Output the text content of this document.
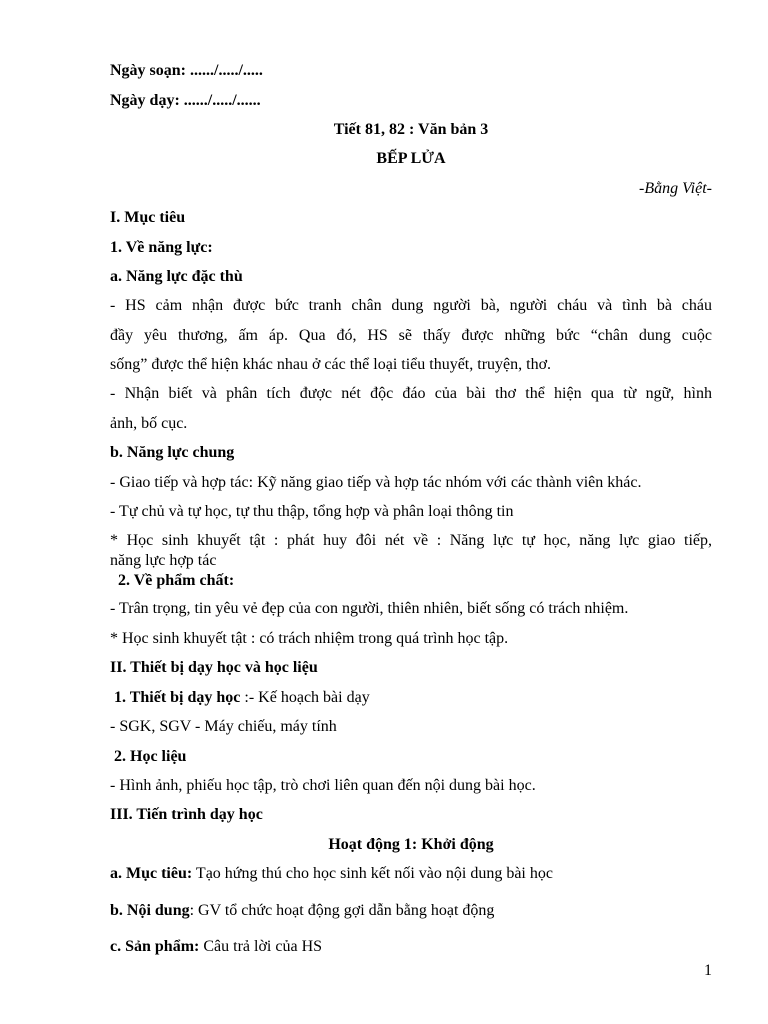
Ngày soạn: ....../...../.....
Ngày dạy: ....../...../......
Tiết 81, 82 : Văn bản 3
BẾP LỬA
-Bằng Việt-
I. Mục tiêu
1. Về năng lực:
a. Năng lực đặc thù
- HS cảm nhận được bức tranh chân dung người bà, người cháu và tình bà cháu
đầy yêu thương, ấm áp. Qua đó, HS sẽ thấy được những bức “chân dung cuộc
sống” được thể hiện khác nhau ở các thể loại tiểu thuyết, truyện, thơ.
- Nhận biết và phân tích được nét độc đáo của bài thơ thể hiện qua từ ngữ, hình
ảnh, bố cục.
b. Năng lực chung
- Giao tiếp và hợp tác: Kỹ năng giao tiếp và hợp tác nhóm với các thành viên khác.
- Tự chủ và tự học, tự thu thập, tổng hợp và phân loại thông tin
* Học sinh khuyết tật : phát huy đôi nét về : Năng lực tự học, năng lực giao tiếp,
năng lực hợp tác
2. Về phẩm chất:
- Trân trọng, tin yêu vẻ đẹp của con người, thiên nhiên, biết sống có trách nhiệm.
* Học sinh khuyết tật : có trách nhiệm trong quá trình học tập.
II. Thiết bị dạy học và học liệu
1. Thiết bị dạy học :- Kế hoạch bài dạy
- SGK, SGV - Máy chiếu, máy tính
2. Học liệu
- Hình ảnh, phiếu học tập, trò chơi liên quan đến nội dung bài học.
III. Tiến trình dạy học
Hoạt động 1: Khởi động
a. Mục tiêu: Tạo hứng thú cho học sinh kết nối vào nội dung bài học
b. Nội dung: GV tổ chức hoạt động gợi dẫn bằng hoạt động
c. Sản phẩm: Câu trả lời của HS
1
